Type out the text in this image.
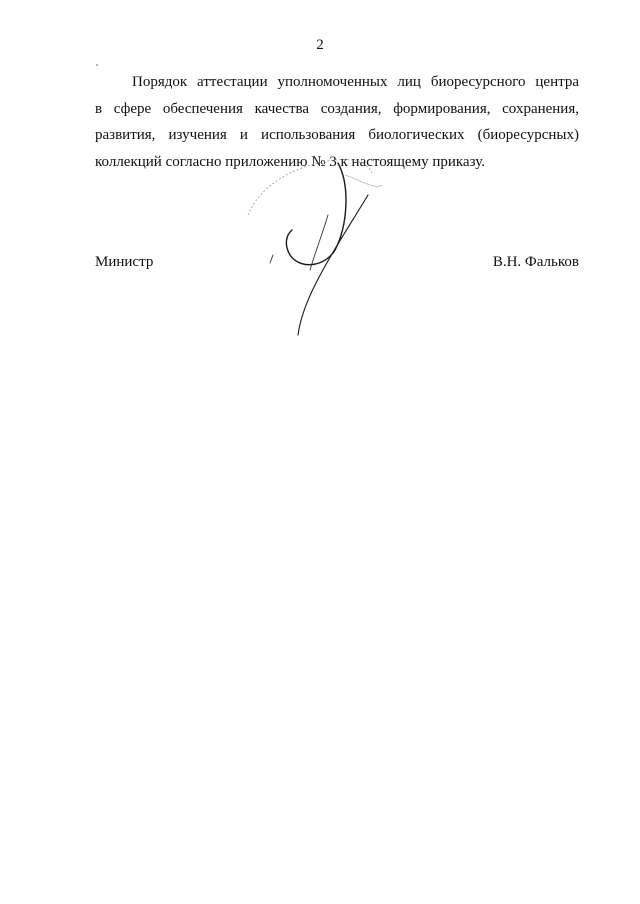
2

Порядок аттестации уполномоченных лиц биоресурсного центра
в сфере обеспечения качества создания, формирования, сохранения,
развития, изучения и использования биологических (биоресурсных)
коллекций согласно приложению № 3 к настоящему приказу.

Министр	В.Н. Фальков
